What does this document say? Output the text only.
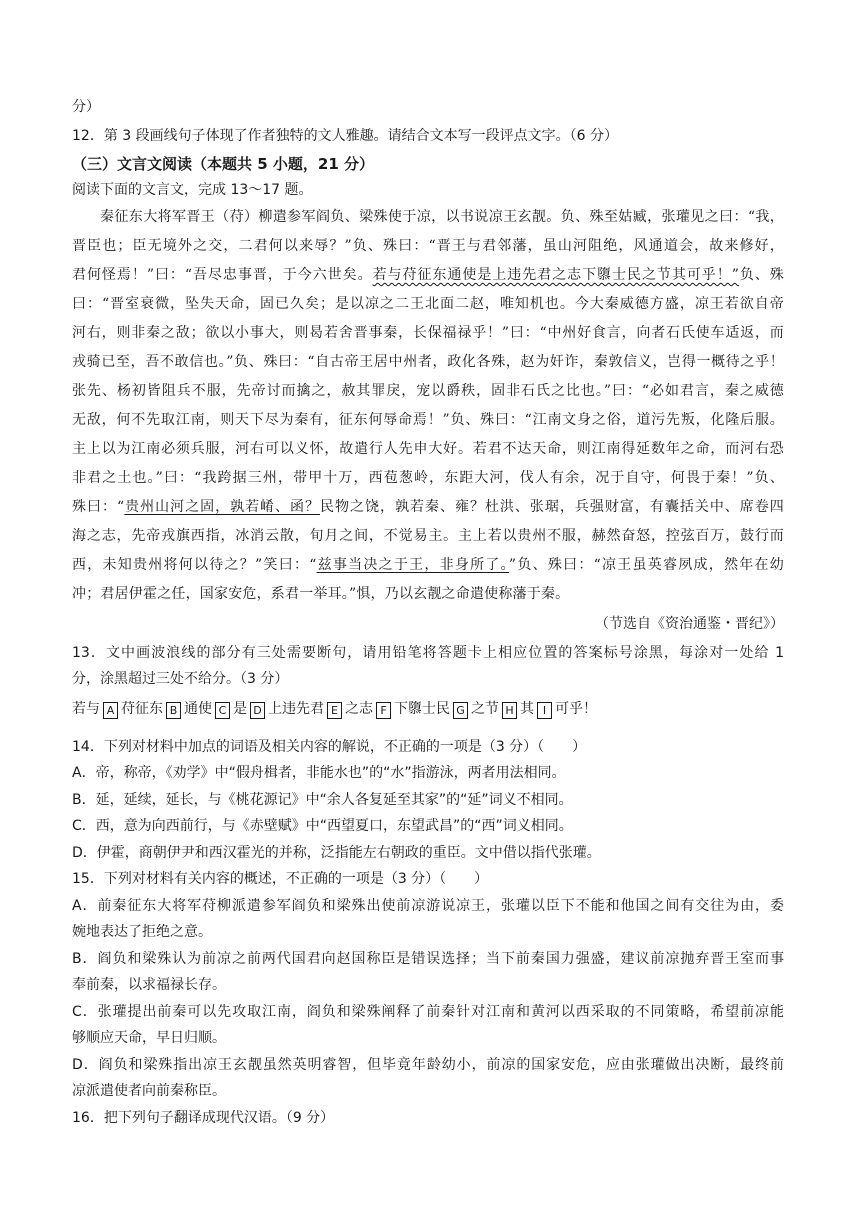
分）
12．第 3 段画线句子体现了作者独特的文人雅趣。请结合文本写一段评点文字。（6 分）
（三）文言文阅读（本题共 5 小题，21 分）
阅读下面的文言文，完成 13～17 题。
秦征东大将军晋王（苻）柳遣参军阎负、梁殊使于凉，以书说凉王玄靓。负、殊至姑臧，张瓘见之曰：“我，
晋臣也；臣无境外之交，二君何以来辱？”负、殊曰：“晋王与君邻藩，虽山河阻绝，风通道会，故来修好，
君何怪焉！”曰：“吾尽忠事晋，于今六世矣。若与苻征东通使是上违先君之志下隳士民之节其可乎！”负、殊
曰：“晋室衰微，坠失天命，固已久矣；是以凉之二王北面二赵，唯知机也。今大秦威德方盛，凉王若欲自帝
河右，则非秦之敌；欲以小事大，则曷若舍晋事秦，长保福禄乎！”曰：“中州好食言，向者石氏使车适返，而
戎骑已至，吾不敢信也。”负、殊曰：“自古帝王居中州者，政化各殊，赵为奸诈，秦敦信义，岂得一概待之乎！
张先、杨初皆阻兵不服，先帝讨而擒之，赦其罪戾，宠以爵秩，固非石氏之比也。”曰：“必如君言，秦之威德
无敌，何不先取江南，则天下尽为秦有，征东何辱命焉！”负、殊曰：“江南文身之俗，道污先叛，化隆后服。
主上以为江南必须兵服，河右可以义怀，故遣行人先申大好。若君不达天命，则江南得延数年之命，而河右恐
非君之土也。”曰：“我跨据三州，带甲十万，西苞葱岭，东距大河，伐人有余，况于自守，何畏于秦！”负、
殊曰：“贵州山河之固，孰若崤、函？民物之饶，孰若秦、雍？杜洪、张琚，兵强财富，有囊括关中、席卷四
海之志，先帝戎旗西指，冰消云散，旬月之间，不觉易主。主上若以贵州不服，赫然奋怒，控弦百万，鼓行而
西，未知贵州将何以待之？”笑曰：“兹事当决之于王，非身所了。”负、殊曰：“凉王虽英睿夙成，然年在幼
冲；君居伊霍之任，国家安危，系君一举耳。”惧，乃以玄靓之命遣使称藩于秦。
（节选自《资治通鉴・晋纪》）
13．文中画波浪线的部分有三处需要断句，请用铅笔将答题卡上相应位置的答案标号涂黑，每涂对一处给 1
分，涂黑超过三处不给分。（3 分）
若与 A 苻征东 B 通使 C 是 D 上违先君 E 之志 F 下隳士民 G 之节 H 其 I 可乎！
14．下列对材料中加点的词语及相关内容的解说，不正确的一项是（3 分）（　　）
A．帝，称帝，《劝学》中“假舟楫者，非能水也”的“水”指游泳，两者用法相同。
B．延，延续，延长，与《桃花源记》中“余人各复延至其家”的“延”词义不相同。
C．西，意为向西前行，与《赤壁赋》中“西望夏口，东望武昌”的“西”词义相同。
D．伊霍，商朝伊尹和西汉霍光的并称，泛指能左右朝政的重臣。文中借以指代张瓘。
15．下列对材料有关内容的概述，不正确的一项是（3 分）（　　）
A．前秦征东大将军苻柳派遣参军阎负和梁殊出使前凉游说凉王，张瓘以臣下不能和他国之间有交往为由，委
婉地表达了拒绝之意。
B．阎负和梁殊认为前凉之前两代国君向赵国称臣是错误选择；当下前秦国力强盛，建议前凉抛弃晋王室而事
奉前秦，以求福禄长存。
C．张瓘提出前秦可以先攻取江南，阎负和梁殊阐释了前秦针对江南和黄河以西采取的不同策略，希望前凉能
够顺应天命，早日归顺。
D．阎负和梁殊指出凉王玄靓虽然英明睿智，但毕竟年龄幼小，前凉的国家安危，应由张瓘做出决断，最终前
凉派遣使者向前秦称臣。
16．把下列句子翻译成现代汉语。（9 分）
